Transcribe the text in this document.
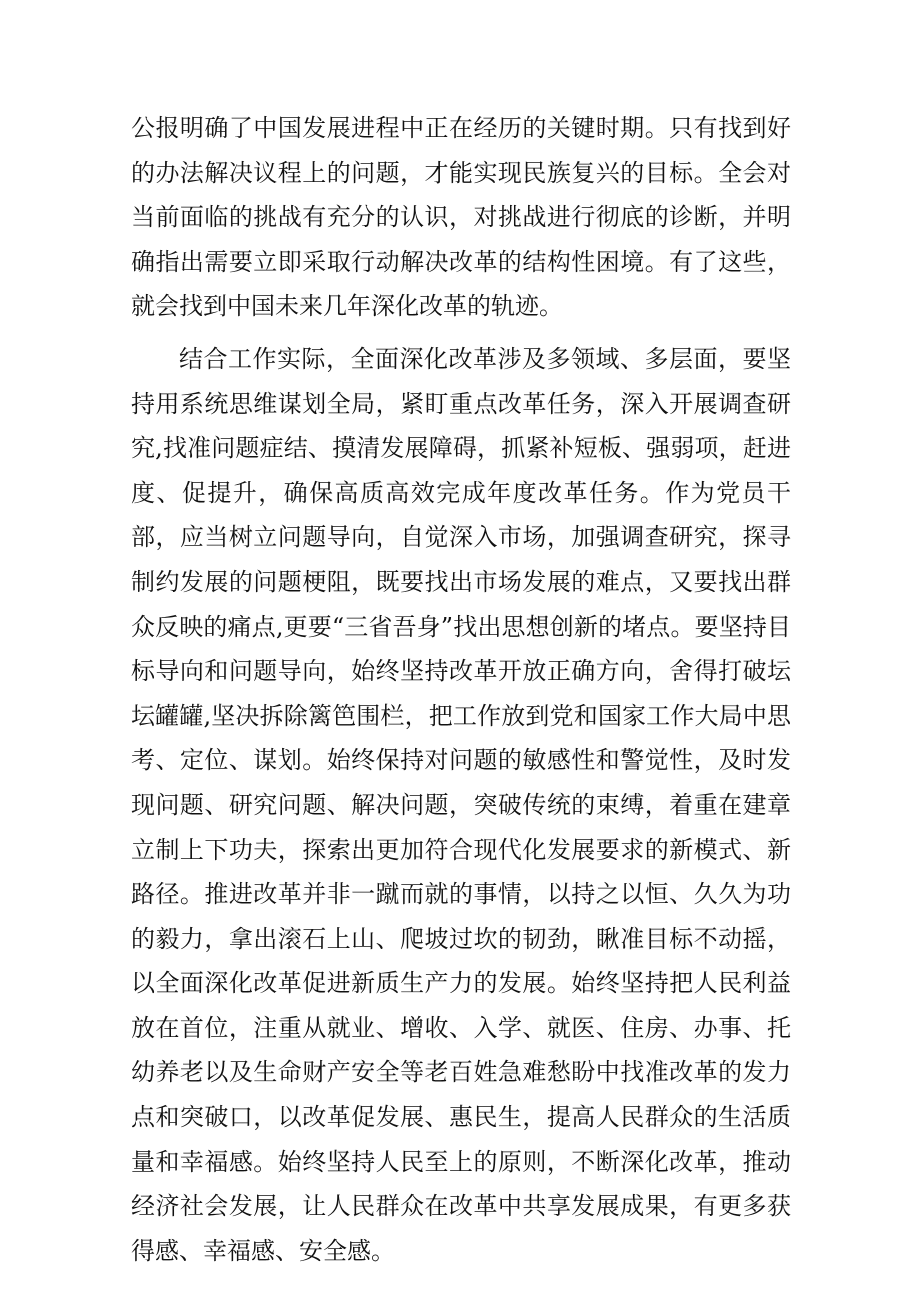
公报明确了中国发展进程中正在经历的关键时期。只有找到好的办法解决议程上的问题，才能实现民族复兴的目标。全会对当前面临的挑战有充分的认识，对挑战进行彻底的诊断，并明确指出需要立即采取行动解决改革的结构性困境。有了这些，就会找到中国未来几年深化改革的轨迹。

结合工作实际，全面深化改革涉及多领域、多层面，要坚持用系统思维谋划全局，紧盯重点改革任务，深入开展调查研究,找准问题症结、摸清发展障碍，抓紧补短板、强弱项，赶进度、促提升，确保高质高效完成年度改革任务。作为党员干部，应当树立问题导向，自觉深入市场，加强调查研究，探寻制约发展的问题梗阻，既要找出市场发展的难点，又要找出群众反映的痛点,更要“三省吾身”找出思想创新的堵点。要坚持目标导向和问题导向，始终坚持改革开放正确方向，舍得打破坛坛罐罐,坚决拆除篱笆围栏，把工作放到党和国家工作大局中思考、定位、谋划。始终保持对问题的敏感性和警觉性，及时发现问题、研究问题、解决问题，突破传统的束缚，着重在建章立制上下功夫，探索出更加符合现代化发展要求的新模式、新路径。推进改革并非一蹴而就的事情，以持之以恒、久久为功的毅力，拿出滚石上山、爬坡过坎的韧劲，瞅准目标不动摇，以全面深化改革促进新质生产力的发展。始终坚持把人民利益放在首位，注重从就业、增收、入学、就医、住房、办事、托幼养老以及生命财产安全等老百姓急难愁盼中找准改革的发力点和突破口，以改革促发展、惠民生，提高人民群众的生活质量和幸福感。始终坚持人民至上的原则，不断深化改革，推动经济社会发展，让人民群众在改革中共享发展成果，有更多获得感、幸福感、安全感。
